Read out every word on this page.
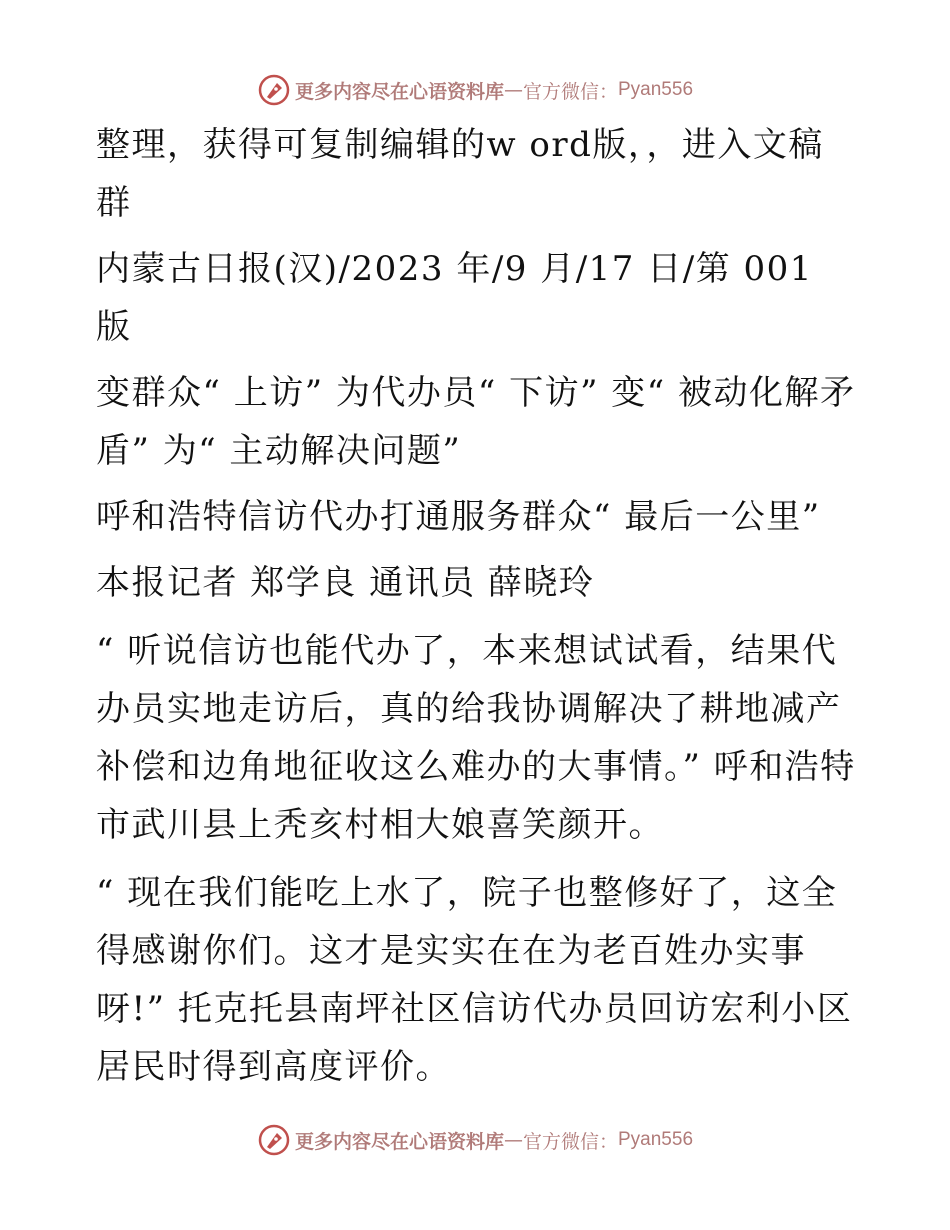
更多内容尽在心语资料库 — 官方微信： Pyan556

整理，获得可复制编辑的w ord版，，进入文稿群

内蒙古日报(汉)/2023 年/9 月/17 日/第 001 版

变群众“ 上访” 为代办员“ 下访” 变“ 被动化解矛盾” 为“ 主动解决问题”

呼和浩特信访代办打通服务群众“ 最后一公里”

本报记者 郑学良 通讯员 薛晓玲

“ 听说信访也能代办了，本来想试试看，结果代办员实地走访后，真的给我协调解决了耕地减产补偿和边角地征收这么难办的大事情。” 呼和浩特市武川县上秃亥村相大娘喜笑颜开。

“ 现在我们能吃上水了，院子也整修好了，这全得感谢你们。这才是实实在在为老百姓办实事

呀!” 托克托县南坪社区信访代办员回访宏利小区居民时得到高度评价。

更多内容尽在心语资料库 — 官方微信： Pyan556
